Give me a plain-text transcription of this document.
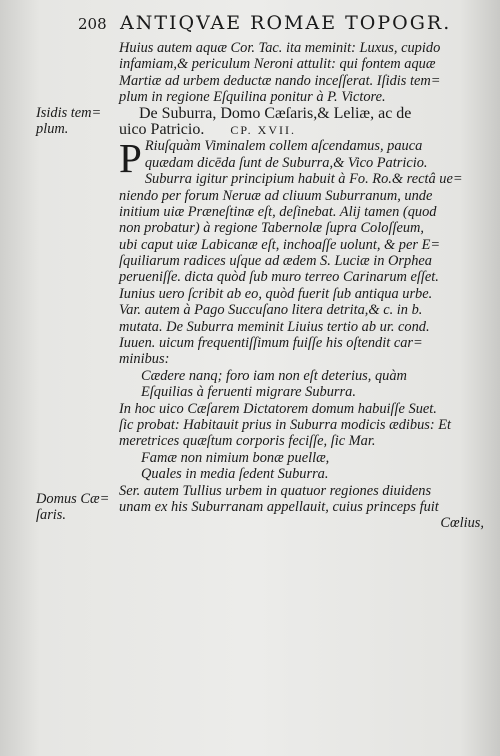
208 ANTIQVAE ROMAE TOPOGR.
Isidis tem=
plum.
Domus Cæ=
ſaris.
Huius autem aquæ Cor. Tac. ita meminit: Luxus, cupido
infamiam,& periculum Neroni attulit: qui fontem aquæ
Martiæ ad urbem deductæ nando inceſſerat. Iſidis tem=
plum in regione Eſquilina ponitur à P. Victore.
De Suburra, Domo Cæſaris,& Leliæ, ac de
uico Patricio. CP. XVII.
P Riuſquàm Viminalem collem aſcendamus, pauca
quædam dicēda ſunt de Suburra,& Vico Patricio.
Suburra igitur principium habuit à Fo. Ro.& rectâ ue=
niendo per forum Neruæ ad cliuum Suburranum, unde
initium uiæ Præneſtinæ eſt, deſinebat. Alij tamen (quod
non probatur) à regione Tabernolæ ſupra Coloſſeum,
ubi caput uiæ Labicanæ eſt, inchoaſſe uolunt, & per E=
ſquiliarum radices uſque ad ædem S. Luciæ in Orphea
perueniſſe. dicta quòd ſub muro terreo Carinarum eſſet.
Iunius uero ſcribit ab eo, quòd fuerit ſub antiqua urbe.
Var. autem à Pago Succuſano litera detrita,& c. in b.
mutata. De Suburra meminit Liuius tertio ab ur. cond.
Iuuen. uicum frequentiſſimum fuiſſe his oſtendit car=
minibus:
Cædere nanq; foro iam non eſt deterius, quàm
Eſquilias à feruenti migrare Suburra.
In hoc uico Cæſarem Dictatorem domum habuiſſe Suet.
ſic probat: Habitauit prius in Suburra modicis ædibus: Et
meretrices quæſtum corporis feciſſe, ſic Mar.
Famæ non nimium bonæ puellæ,
Quales in media ſedent Suburra.
Ser. autem Tullius urbem in quatuor regiones diuidens
unam ex his Suburranam appellauit, cuius princeps fuit
Cœlius,
